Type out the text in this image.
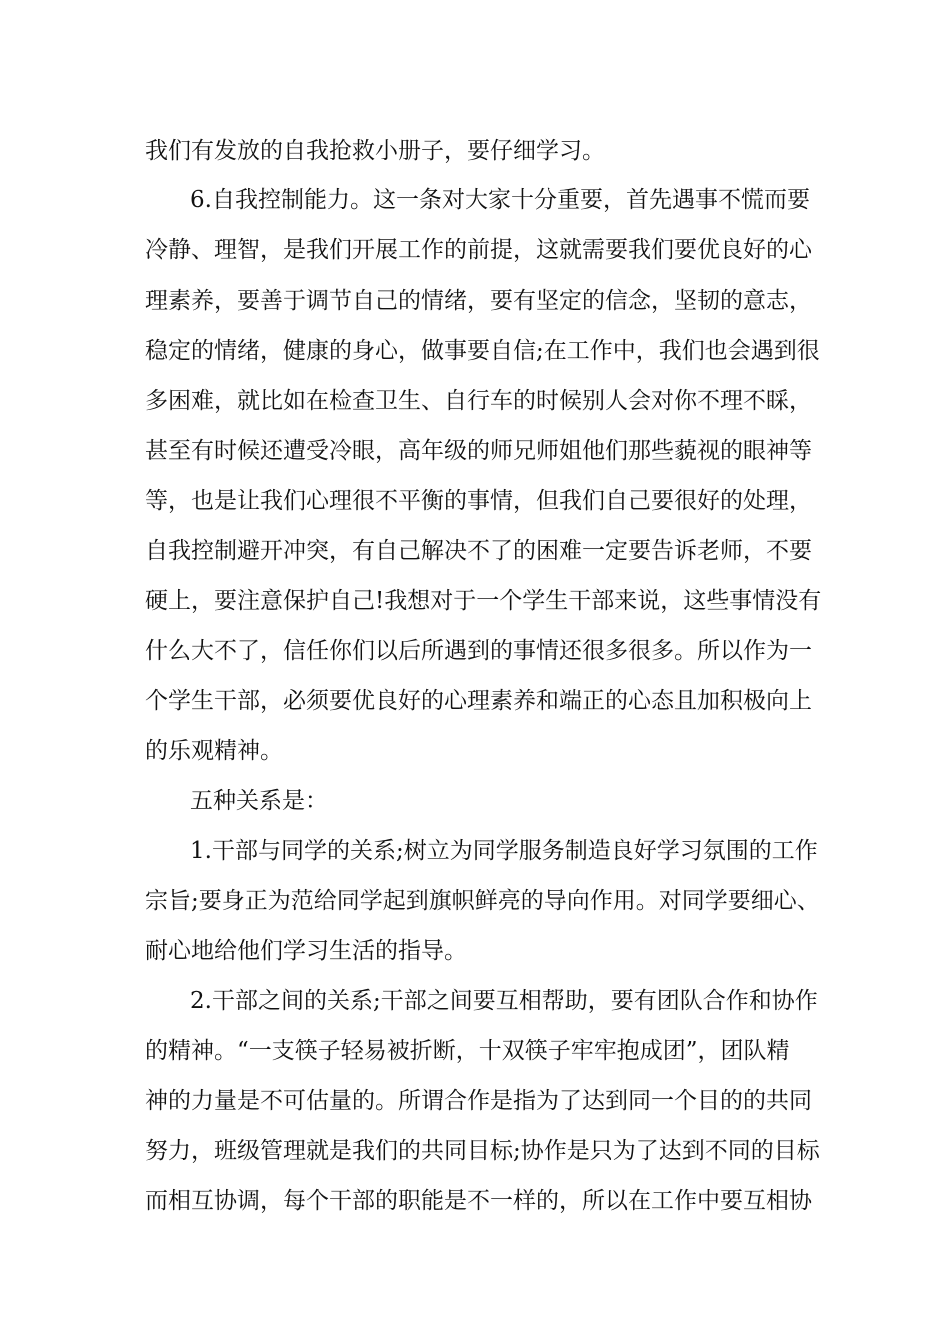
我们有发放的自我抢救小册子，要仔细学习。
6.自我控制能力。这一条对大家十分重要，首先遇事不慌而要
冷静、理智，是我们开展工作的前提，这就需要我们要优良好的心
理素养，要善于调节自己的情绪，要有坚定的信念，坚韧的意志，
稳定的情绪，健康的身心，做事要自信;在工作中，我们也会遇到很
多困难，就比如在检查卫生、自行车的时候别人会对你不理不睬，
甚至有时候还遭受冷眼，高年级的师兄师姐他们那些藐视的眼神等
等，也是让我们心理很不平衡的事情，但我们自己要很好的处理，
自我控制避开冲突，有自己解决不了的困难一定要告诉老师，不要
硬上，要注意保护自己!我想对于一个学生干部来说，这些事情没有
什么大不了，信任你们以后所遇到的事情还很多很多。所以作为一
个学生干部，必须要优良好的心理素养和端正的心态且加积极向上
的乐观精神。
五种关系是：
1.干部与同学的关系;树立为同学服务制造良好学习氛围的工作
宗旨;要身正为范给同学起到旗帜鲜亮的导向作用。对同学要细心、
耐心地给他们学习生活的指导。
2.干部之间的关系;干部之间要互相帮助，要有团队合作和协作
的精神。“一支筷子轻易被折断，十双筷子牢牢抱成团”，团队精
神的力量是不可估量的。所谓合作是指为了达到同一个目的的共同
努力，班级管理就是我们的共同目标;协作是只为了达到不同的目标
而相互协调，每个干部的职能是不一样的，所以在工作中要互相协
